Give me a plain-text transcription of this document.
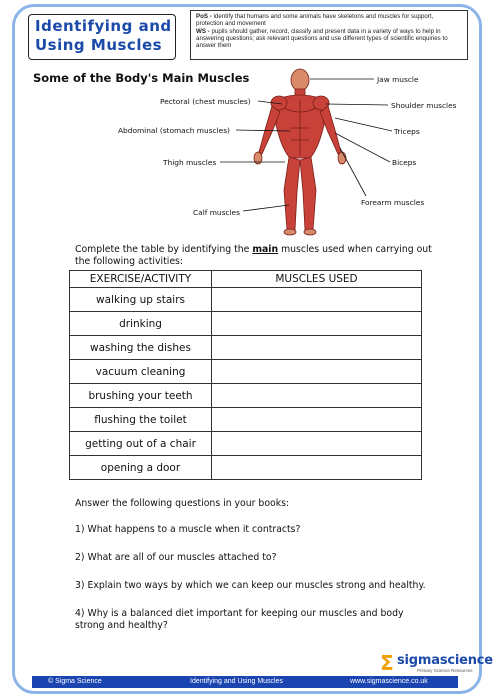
Identifying and
Using Muscles
PoS - identify that humans and some animals have skeletons and muscles for support, protection and movement
WS - pupils should gather, record, classify and present data in a variety of ways to help in answering questions; ask relevant questions and use different types of scientific enquiries to answer them
Some of the Body's Main Muscles	Jaw muscle
Pectoral (chest muscles)	Shoulder muscles
Abdominal (stomach muscles)	Triceps
Thigh muscles	Biceps
Forearm muscles
Calf muscles
Complete the table by identifying the main muscles used when carrying out the following activities:
EXERCISE/ACTIVITY	MUSCLES USED
walking up stairs	
drinking	
washing the dishes	
vacuum cleaning	
brushing your teeth	
flushing the toilet	
getting out of a chair	
opening a door	
Answer the following questions in your books:
1) What happens to a muscle when it contracts?
2) What are all of our muscles attached to?
3) Explain two ways by which we can keep our muscles strong and healthy.
4) Why is a balanced diet important for keeping our muscles and body strong and healthy?
Σ sigmascience
Primary Science Resources
© Sigma Science	Identifying and Using Muscles	www.sigmascience.co.uk
